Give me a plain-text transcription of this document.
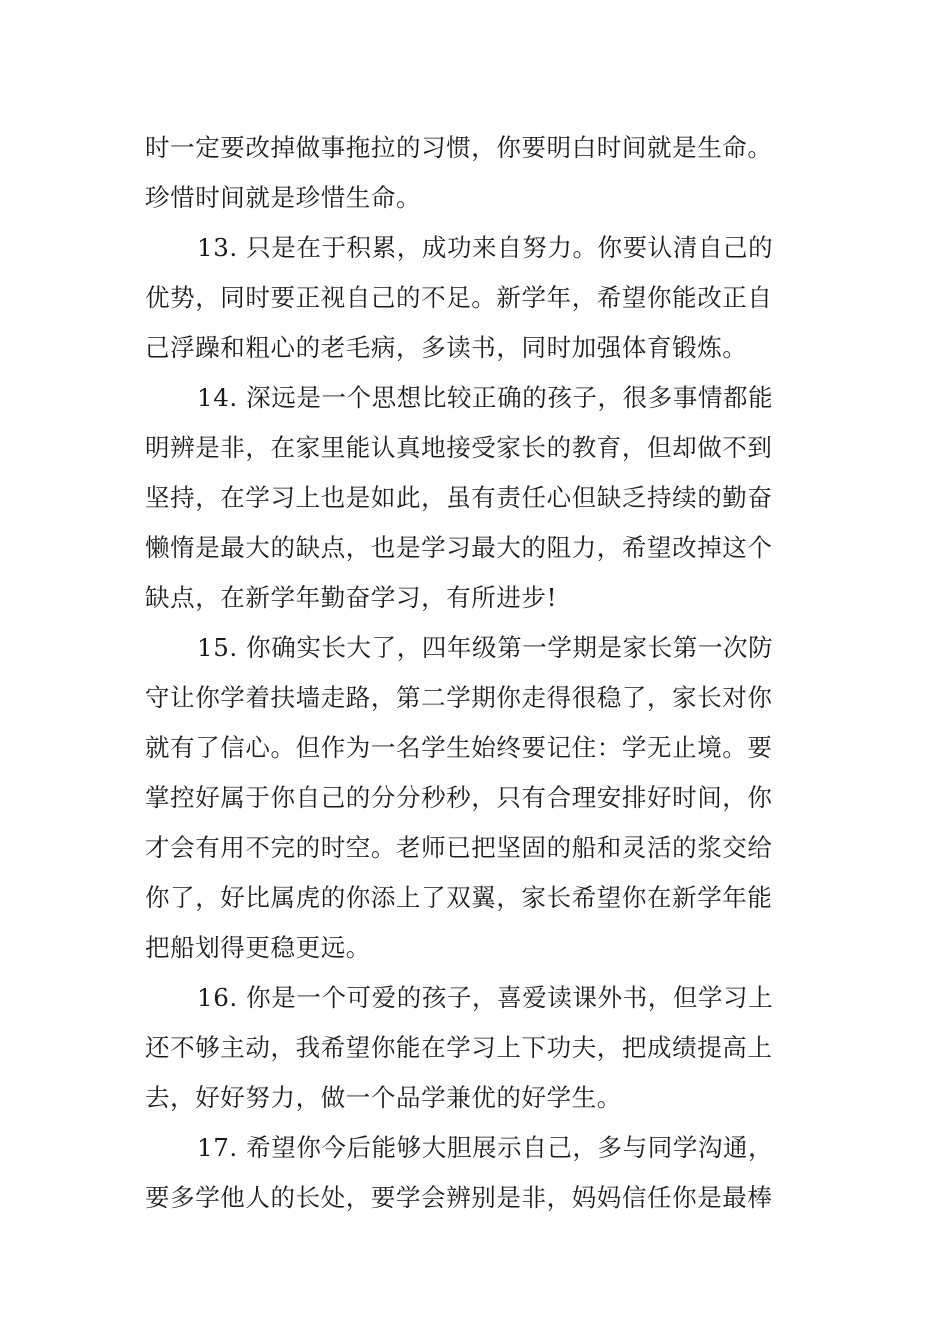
时一定要改掉做事拖拉的习惯，你要明白时间就是生命。
珍惜时间就是珍惜生命。
13. 只是在于积累，成功来自努力。你要认清自己的
优势，同时要正视自己的不足。新学年，希望你能改正自
己浮躁和粗心的老毛病，多读书，同时加强体育锻炼。
14. 深远是一个思想比较正确的孩子，很多事情都能
明辨是非，在家里能认真地接受家长的教育，但却做不到
坚持，在学习上也是如此，虽有责任心但缺乏持续的勤奋
懒惰是最大的缺点，也是学习最大的阻力，希望改掉这个
缺点，在新学年勤奋学习，有所进步!
15. 你确实长大了，四年级第一学期是家长第一次防
守让你学着扶墙走路，第二学期你走得很稳了，家长对你
就有了信心。但作为一名学生始终要记住：学无止境。要
掌控好属于你自己的分分秒秒，只有合理安排好时间，你
才会有用不完的时空。老师已把坚固的船和灵活的浆交给
你了，好比属虎的你添上了双翼，家长希望你在新学年能
把船划得更稳更远。
16. 你是一个可爱的孩子，喜爱读课外书，但学习上
还不够主动，我希望你能在学习上下功夫，把成绩提高上
去，好好努力，做一个品学兼优的好学生。
17. 希望你今后能够大胆展示自己，多与同学沟通，
要多学他人的长处，要学会辨别是非，妈妈信任你是最棒
